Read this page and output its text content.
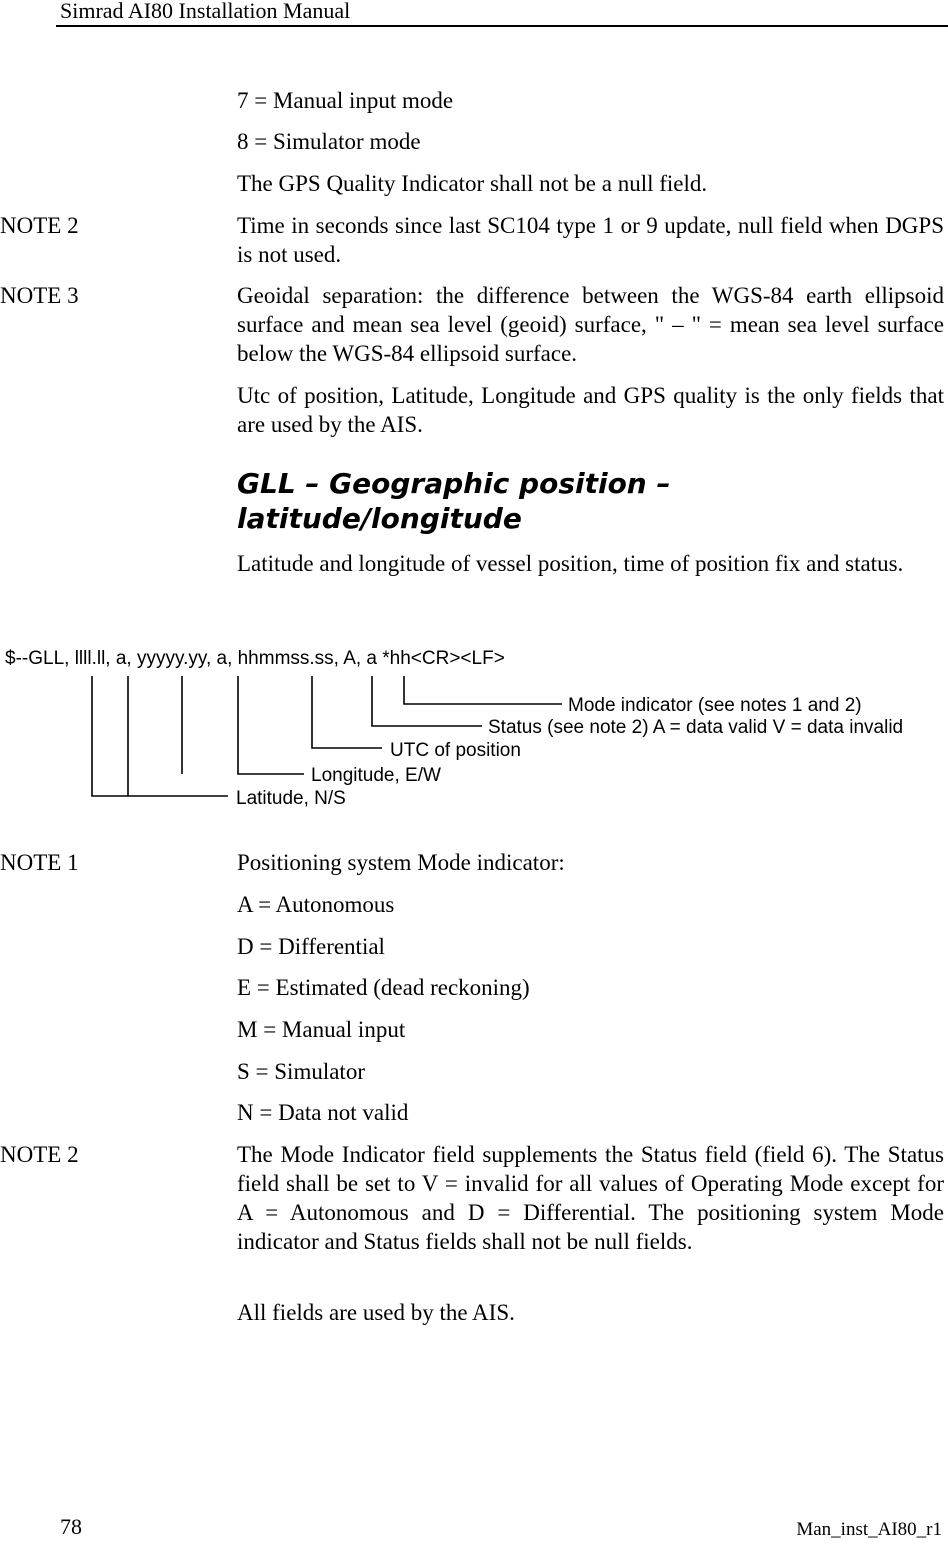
Simrad AI80 Installation Manual
7 = Manual input mode
8 = Simulator mode
The GPS Quality Indicator shall not be a null field.
NOTE 2	Time in seconds since last SC104 type 1 or 9 update, null field when DGPS is not used.
NOTE 3	Geoidal separation: the difference between the WGS-84 earth ellipsoid surface and mean sea level (geoid) surface, " – " = mean sea level surface below the WGS-84 ellipsoid surface.
Utc of position, Latitude, Longitude and GPS quality is the only fields that are used by the AIS.
GLL – Geographic position –
latitude/longitude
Latitude and longitude of vessel position, time of position fix and status.
$--GLL, llll.ll, a, yyyyy.yy, a, hhmmss.ss, A, a *hh<CR><LF>
Mode indicator (see notes 1 and 2)
Status (see note 2) A = data valid V = data invalid
UTC of position
Longitude, E/W
Latitude, N/S
NOTE 1	Positioning system Mode indicator:
A = Autonomous
D = Differential
E = Estimated (dead reckoning)
M = Manual input
S = Simulator
N = Data not valid
NOTE 2	The Mode Indicator field supplements the Status field (field 6). The Status field shall be set to V = invalid for all values of Operating Mode except for A = Autonomous and D = Differential. The positioning system Mode indicator and Status fields shall not be null fields.
All fields are used by the AIS.
78	Man_inst_AI80_r1
